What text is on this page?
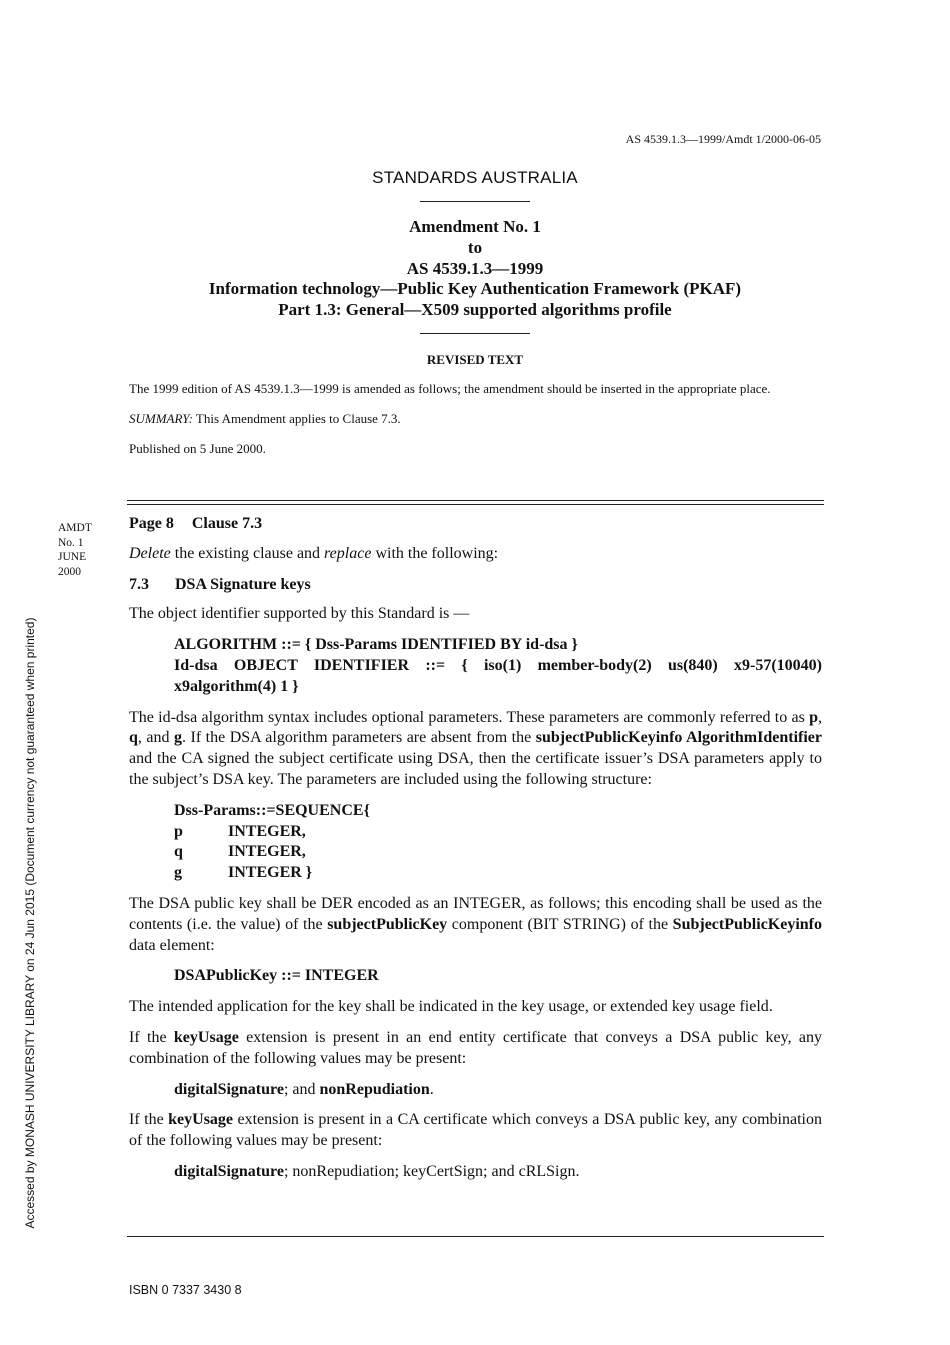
AS 4539.1.3—1999/Amdt 1/2000-06-05
STANDARDS AUSTRALIA
Amendment No. 1
to
AS 4539.1.3—1999
Information technology—Public Key Authentication Framework (PKAF)
Part 1.3: General—X509 supported algorithms profile
REVISED TEXT

The 1999 edition of AS 4539.1.3—1999 is amended as follows; the amendment should be inserted in the appropriate place.

SUMMARY: This Amendment applies to Clause 7.3.

Published on 5 June 2000.

AMDT
No. 1
JUNE
2000
Page 8 Clause 7.3

Delete the existing clause and replace with the following:

7.3 DSA Signature keys

The object identifier supported by this Standard is —

ALGORITHM ::= { Dss-Params IDENTIFIED BY id-dsa }
Id-dsa OBJECT IDENTIFIER ::= { iso(1) member-body(2) us(840) x9-57(10040) x9algorithm(4) 1 }

The id-dsa algorithm syntax includes optional parameters. These parameters are commonly referred to as p, q, and g. If the DSA algorithm parameters are absent from the subjectPublicKeyinfo AlgorithmIdentifier and the CA signed the subject certificate using DSA, then the certificate issuer’s DSA parameters apply to the subject’s DSA key. The parameters are included using the following structure:

Dss-Params::=SEQUENCE{
p	INTEGER,
q	INTEGER,
g	INTEGER }

The DSA public key shall be DER encoded as an INTEGER, as follows; this encoding shall be used as the contents (i.e. the value) of the subjectPublicKey component (BIT STRING) of the SubjectPublicKeyinfo data element:

DSAPublicKey ::= INTEGER

The intended application for the key shall be indicated in the key usage, or extended key usage field.

If the keyUsage extension is present in an end entity certificate that conveys a DSA public key, any combination of the following values may be present:

digitalSignature; and nonRepudiation.

If the keyUsage extension is present in a CA certificate which conveys a DSA public key, any combination of the following values may be present:

digitalSignature; nonRepudiation; keyCertSign; and cRLSign.
ISBN 0 7337 3430 8
Accessed by MONASH UNIVERSITY LIBRARY on 24 Jun 2015 (Document currency not guaranteed when printed)
